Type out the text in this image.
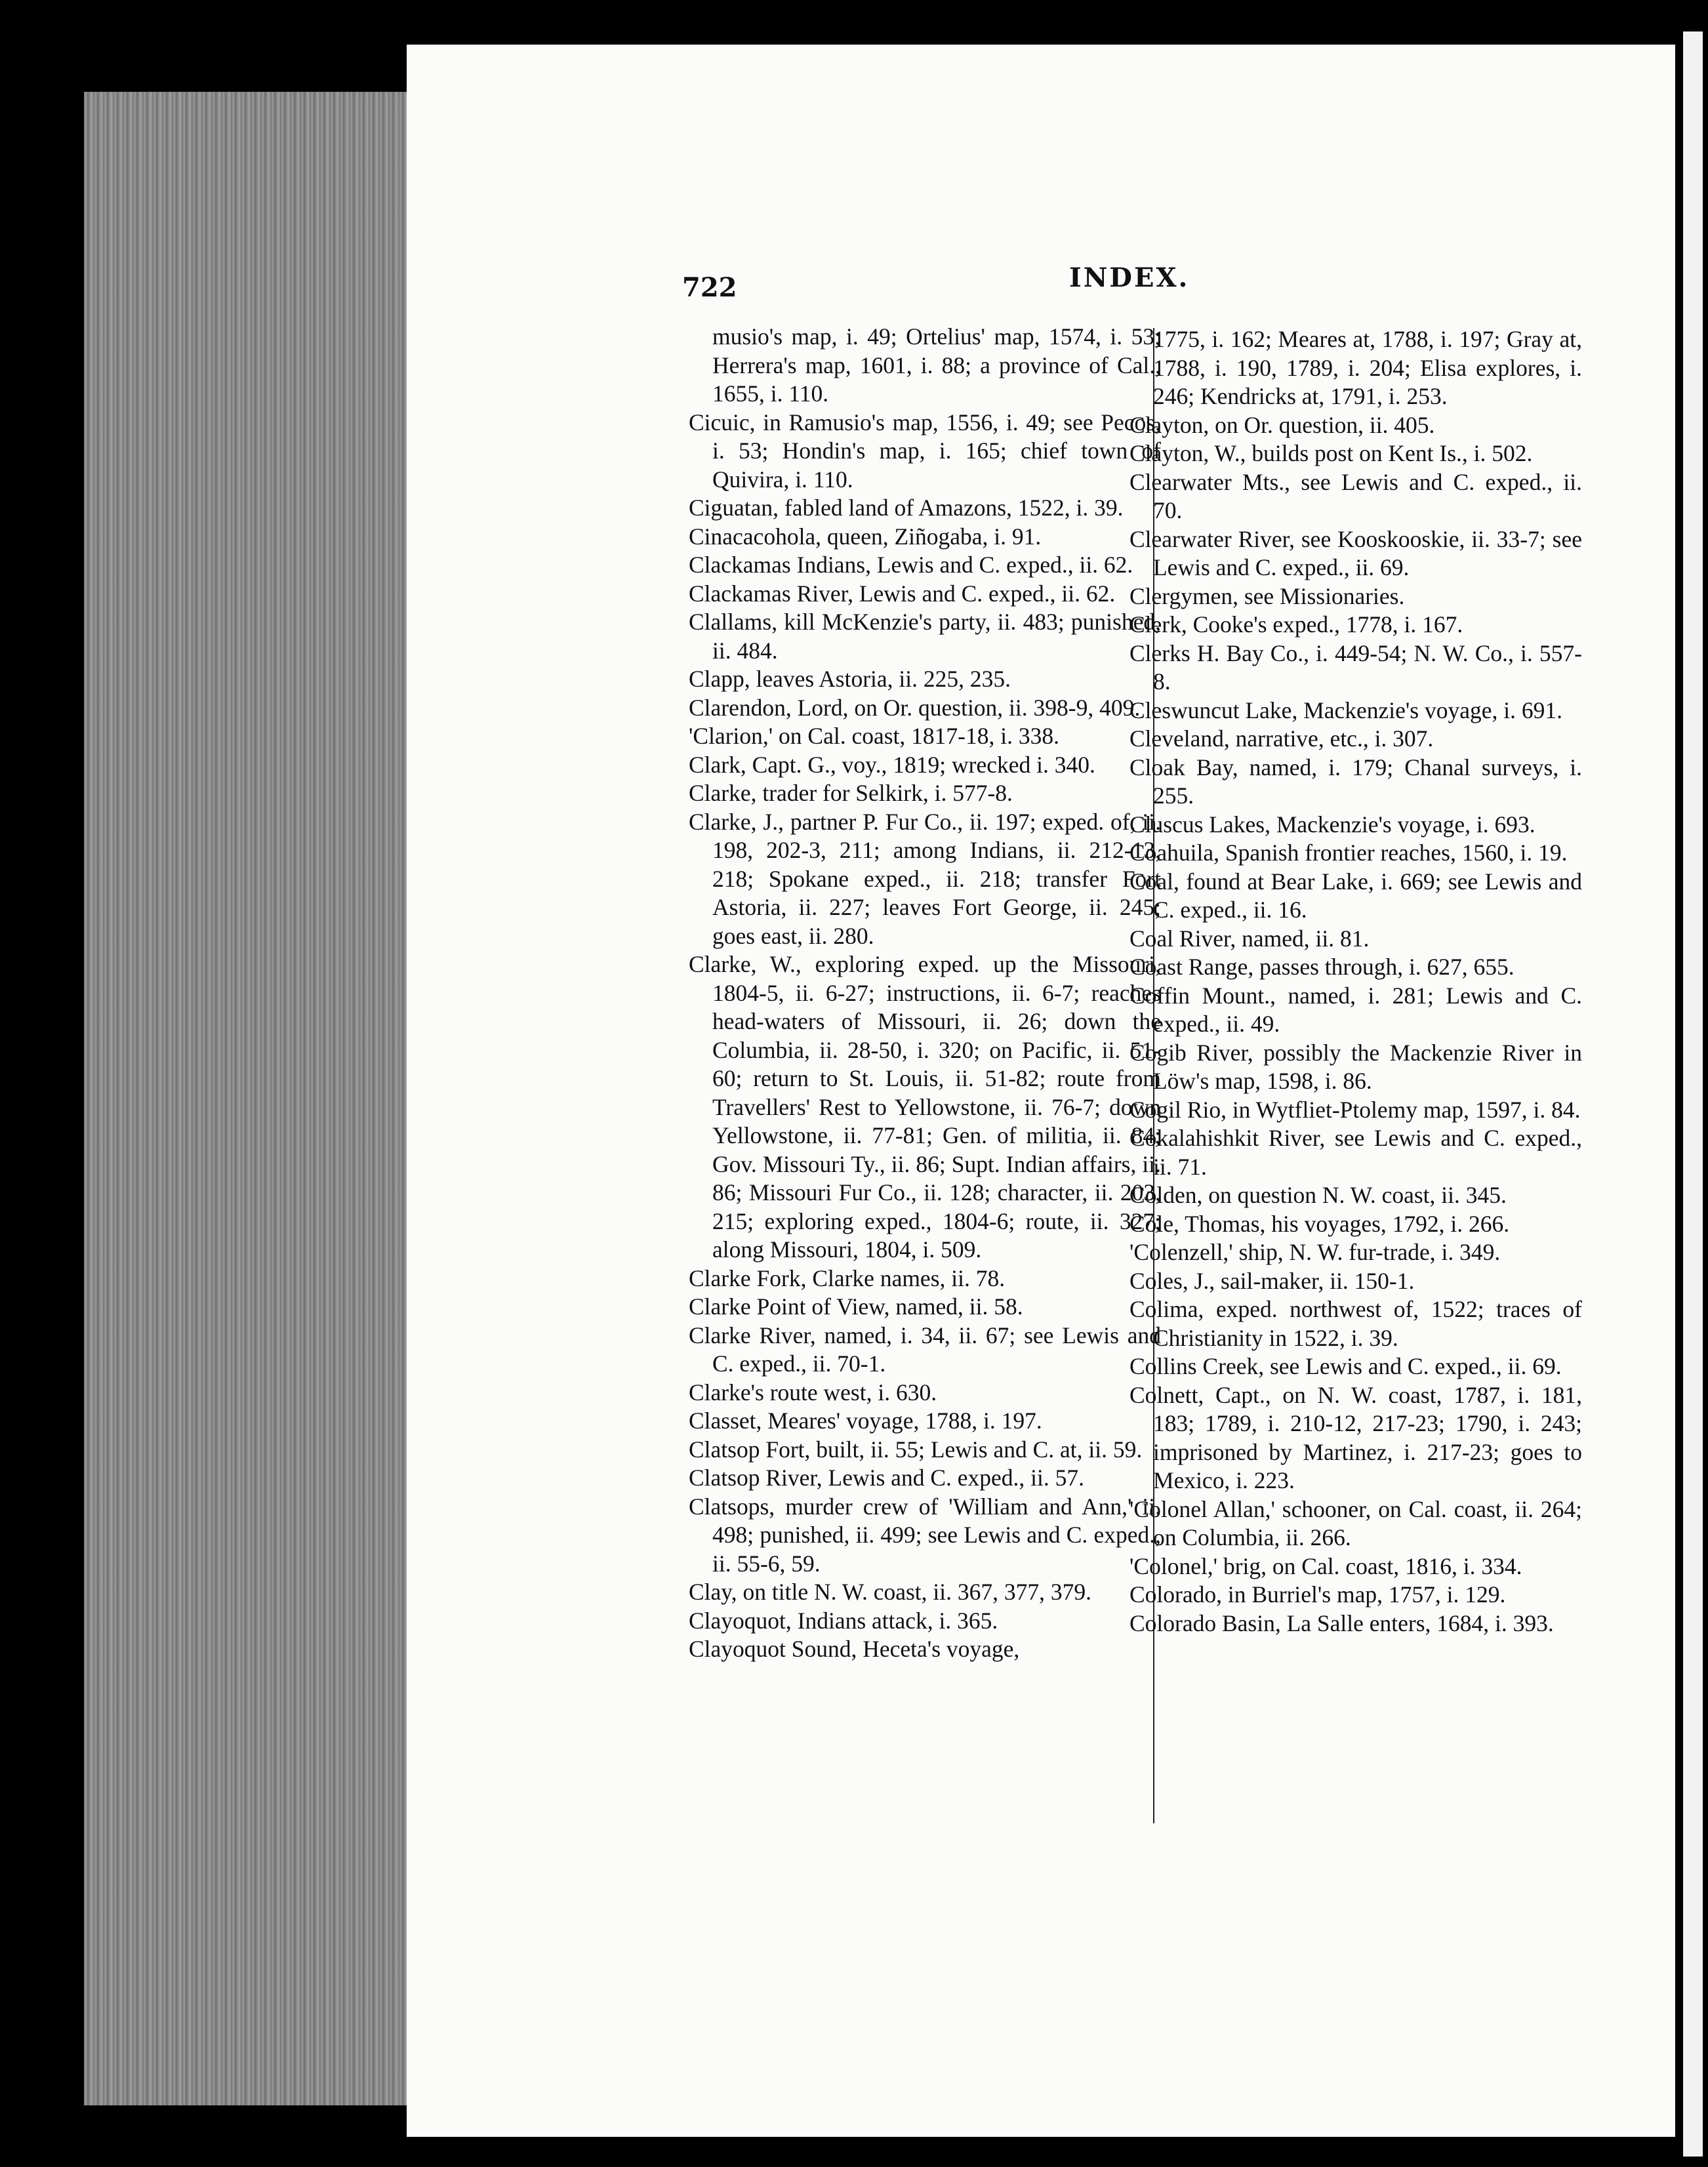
722	INDEX.

musio's map, i. 49; Ortelius' map, 1574, i. 53; Herrera's map, 1601, i. 88; a province of Cal., 1655, i. 110.

Cicuic, in Ramusio's map, 1556, i. 49; see Pecos, i. 53; Hondin's map, i. 165; chief town of Quivira, i. 110.

Ciguatan, fabled land of Amazons, 1522, i. 39.

Cinacacohola, queen, Ziñogaba, i. 91.

Clackamas Indians, Lewis and C. exped., ii. 62.

Clackamas River, Lewis and C. exped., ii. 62.

Clallams, kill McKenzie's party, ii. 483; punished, ii. 484.

Clapp, leaves Astoria, ii. 225, 235.

Clarendon, Lord, on Or. question, ii. 398-9, 409.

'Clarion,' on Cal. coast, 1817-18, i. 338.

Clark, Capt. G., voy., 1819; wrecked i. 340.

Clarke, trader for Selkirk, i. 577-8.

Clarke, J., partner P. Fur Co., ii. 197; exped. of, ii. 198, 202-3, 211; among Indians, ii. 212-13, 218; Spokane exped., ii. 218; transfer Fort Astoria, ii. 227; leaves Fort George, ii. 245; goes east, ii. 280.

Clarke, W., exploring exped. up the Missouri, 1804-5, ii. 6-27; instructions, ii. 6-7; reaches head-waters of Missouri, ii. 26; down the Columbia, ii. 28-50, i. 320; on Pacific, ii. 51-60; return to St. Louis, ii. 51-82; route from Travellers' Rest to Yellowstone, ii. 76-7; down Yellowstone, ii. 77-81; Gen. of militia, ii. 84; Gov. Missouri Ty., ii. 86; Supt. Indian affairs, ii. 86; Missouri Fur Co., ii. 128; character, ii. 203, 215; exploring exped., 1804-6; route, ii. 327; along Missouri, 1804, i. 509.

Clarke Fork, Clarke names, ii. 78.

Clarke Point of View, named, ii. 58.

Clarke River, named, i. 34, ii. 67; see Lewis and C. exped., ii. 70-1.

Clarke's route west, i. 630.

Classet, Meares' voyage, 1788, i. 197.

Clatsop Fort, built, ii. 55; Lewis and C. at, ii. 59.

Clatsop River, Lewis and C. exped., ii. 57.

Clatsops, murder crew of 'William and Ann,' ii. 498; punished, ii. 499; see Lewis and C. exped., ii. 55-6, 59.

Clay, on title N. W. coast, ii. 367, 377, 379.

Clayoquot, Indians attack, i. 365.

Clayoquot Sound, Heceta's voyage,

1775, i. 162; Meares at, 1788, i. 197; Gray at, 1788, i. 190, 1789, i. 204; Elisa explores, i. 246; Kendricks at, 1791, i. 253.

Clayton, on Or. question, ii. 405.

Clayton, W., builds post on Kent Is., i. 502.

Clearwater Mts., see Lewis and C. exped., ii. 70.

Clearwater River, see Kooskooskie, ii. 33-7; see Lewis and C. exped., ii. 69.

Clergymen, see Missionaries.

Clerk, Cooke's exped., 1778, i. 167.

Clerks H. Bay Co., i. 449-54; N. W. Co., i. 557-8.

Cleswuncut Lake, Mackenzie's voyage, i. 691.

Cleveland, narrative, etc., i. 307.

Cloak Bay, named, i. 179; Chanal surveys, i. 255.

Cluscus Lakes, Mackenzie's voyage, i. 693.

Coahuila, Spanish frontier reaches, 1560, i. 19.

Coal, found at Bear Lake, i. 669; see Lewis and C. exped., ii. 16.

Coal River, named, ii. 81.

Coast Range, passes through, i. 627, 655.

Coffin Mount., named, i. 281; Lewis and C. exped., ii. 49.

Cogib River, possibly the Mackenzie River in Löw's map, 1598, i. 86.

Cogil Rio, in Wytfliet-Ptolemy map, 1597, i. 84.

Cokalahishkit River, see Lewis and C. exped., ii. 71.

Colden, on question N. W. coast, ii. 345.

Cole, Thomas, his voyages, 1792, i. 266.

'Colenzell,' ship, N. W. fur-trade, i. 349.

Coles, J., sail-maker, ii. 150-1.

Colima, exped. northwest of, 1522; traces of Christianity in 1522, i. 39.

Collins Creek, see Lewis and C. exped., ii. 69.

Colnett, Capt., on N. W. coast, 1787, i. 181, 183; 1789, i. 210-12, 217-23; 1790, i. 243; imprisoned by Martinez, i. 217-23; goes to Mexico, i. 223.

'Colonel Allan,' schooner, on Cal. coast, ii. 264; on Columbia, ii. 266.

'Colonel,' brig, on Cal. coast, 1816, i. 334.

Colorado, in Burriel's map, 1757, i. 129.

Colorado Basin, La Salle enters, 1684, i. 393.
